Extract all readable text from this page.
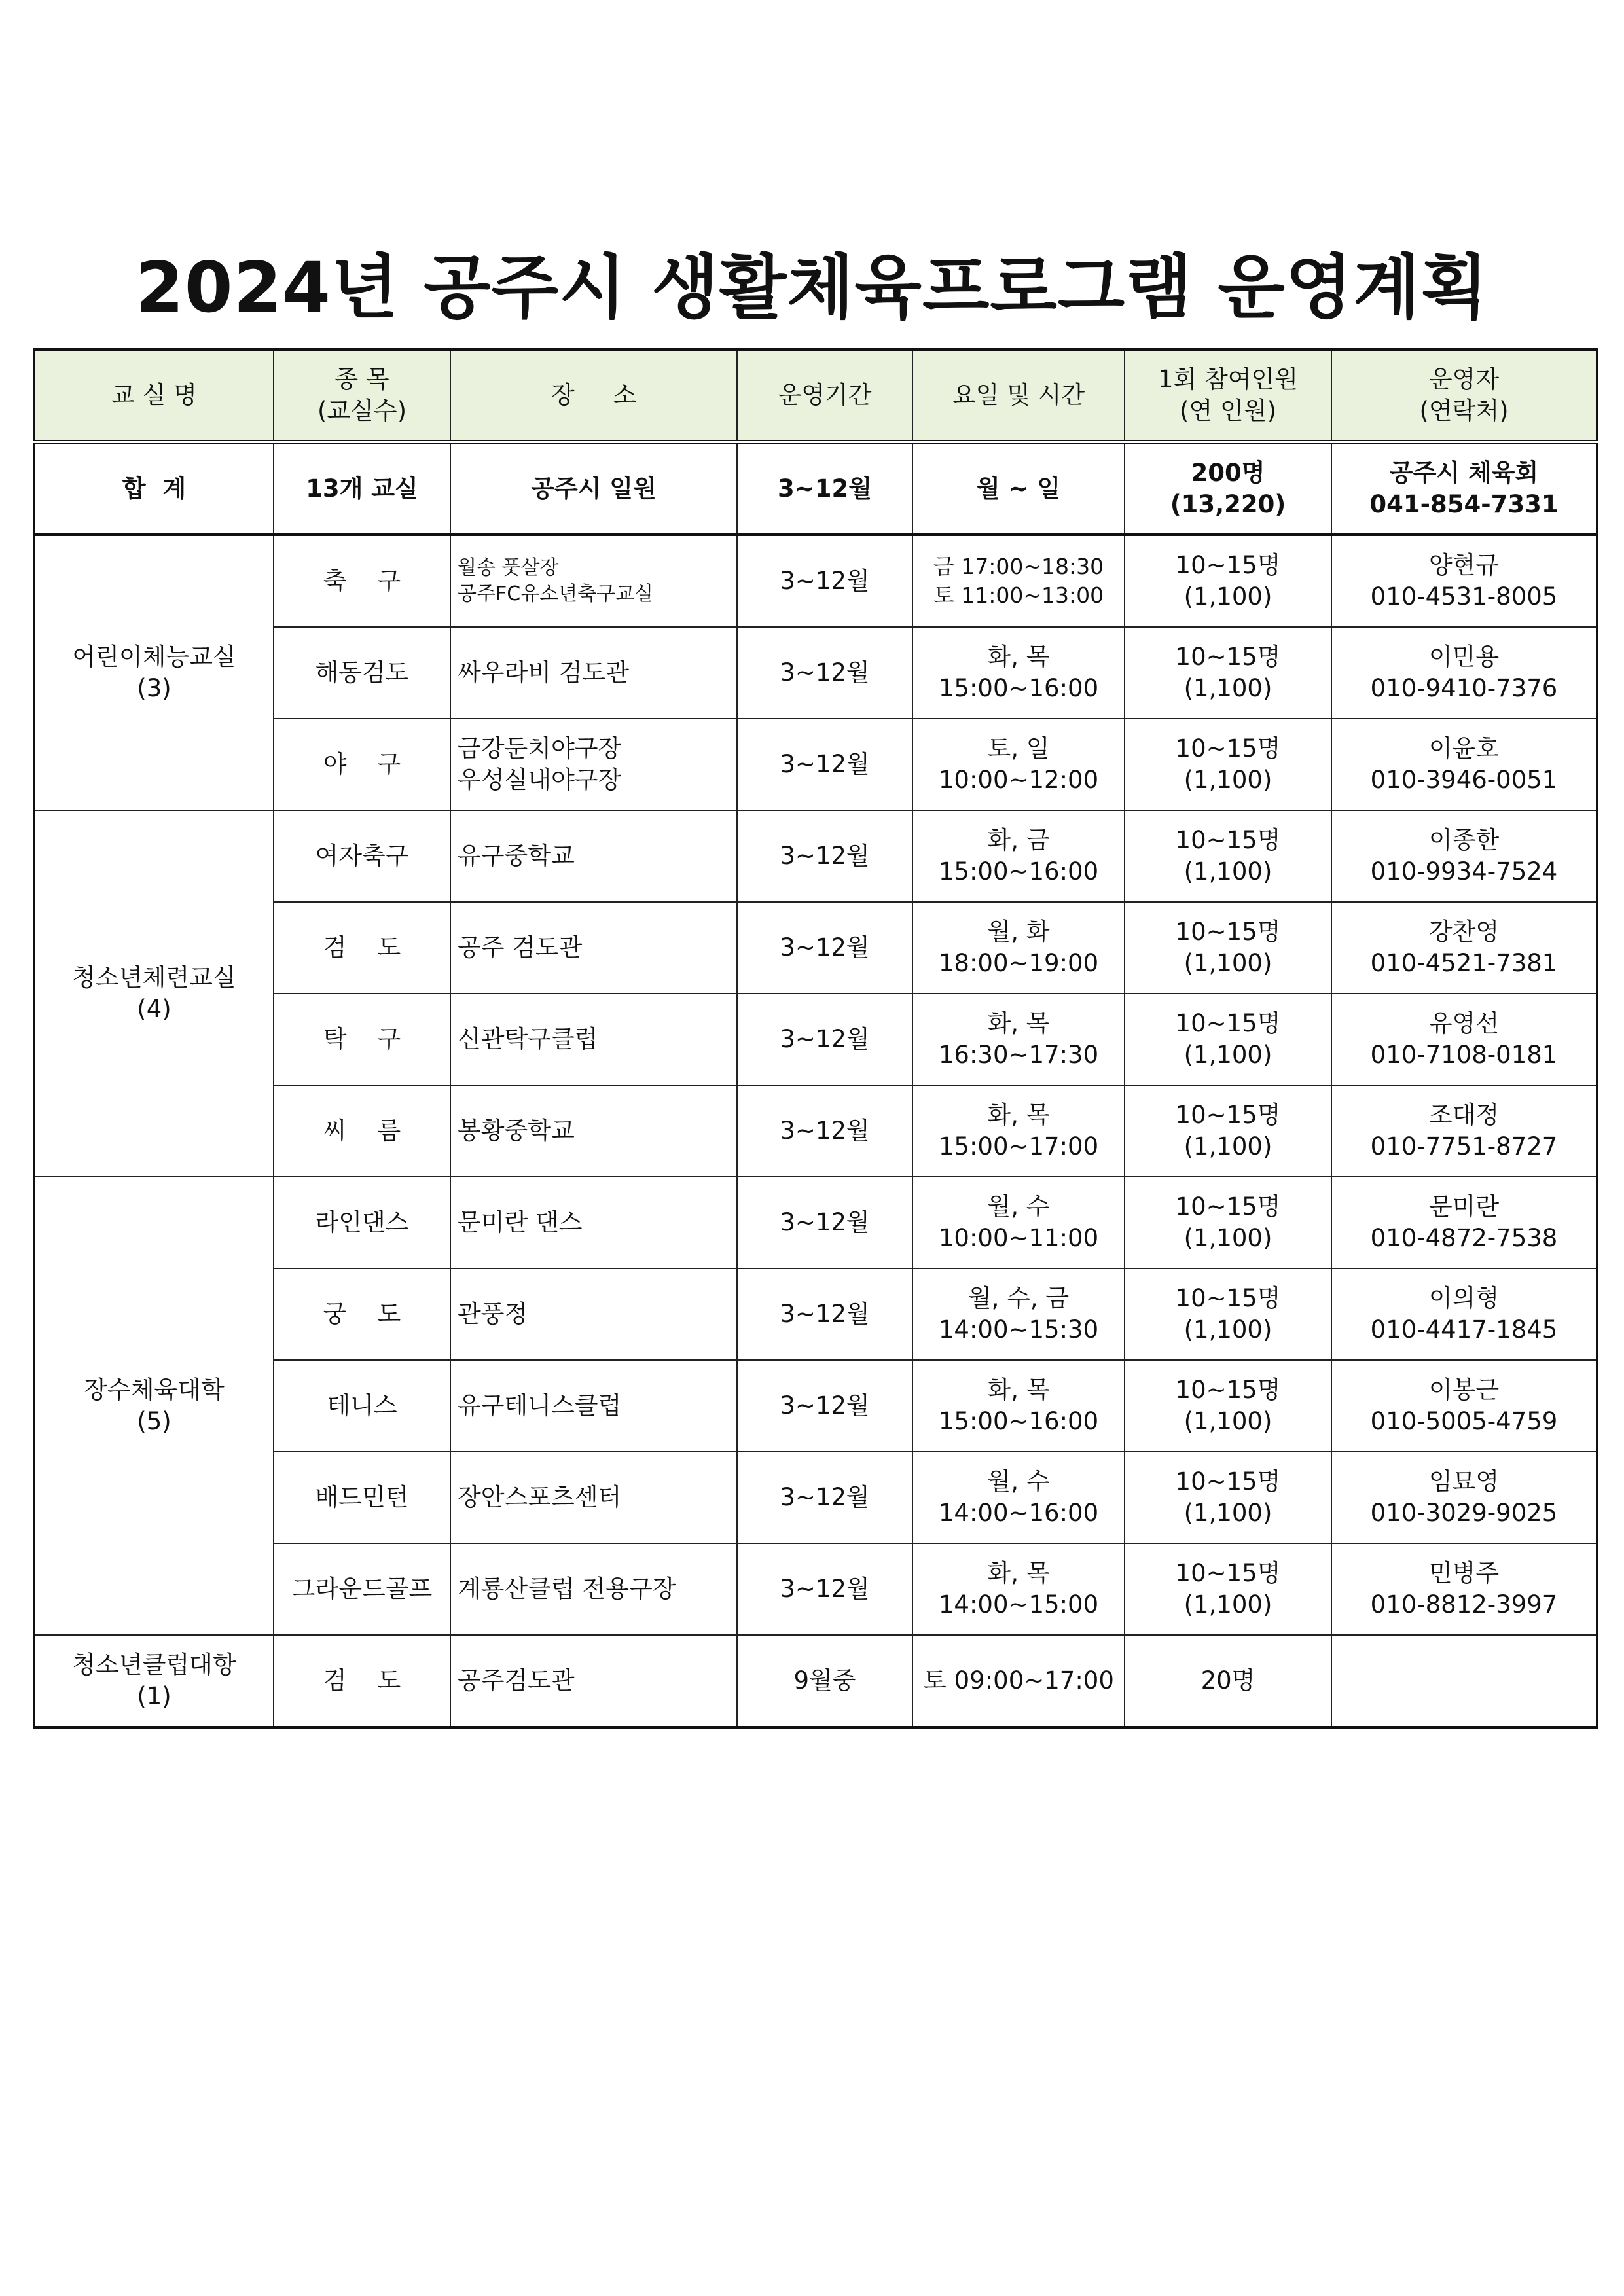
2024년 공주시 생활체육프로그램 운영계획
교 실 명	종 목
(교실수)	장     소	운영기간	요일 및 시간	1회 참여인원
(연 인원)	운영자
(연락처)

합  계	13개 교실	공주시 일원	3~12월	월 ~ 일	200명
(13,220)	공주시 체육회
041-854-7331

어린이체능교실
(3)	축    구	월송 풋살장
공주FC유소년축구교실	3~12월	금 17:00~18:30
토 11:00~13:00	10~15명
(1,100)	양현규
010-4531-8005

	해동검도	싸우라비 검도관	3~12월	화, 목
15:00~16:00	10~15명
(1,100)	이민용
010-9410-7376

	야    구	금강둔치야구장
우성실내야구장	3~12월	토, 일
10:00~12:00	10~15명
(1,100)	이윤호
010-3946-0051

청소년체련교실
(4)	여자축구	유구중학교	3~12월	화, 금
15:00~16:00	10~15명
(1,100)	이종한
010-9934-7524

	검    도	공주 검도관	3~12월	월, 화
18:00~19:00	10~15명
(1,100)	강찬영
010-4521-7381

	탁    구	신관탁구클럽	3~12월	화, 목
16:30~17:30	10~15명
(1,100)	유영선
010-7108-0181

	씨    름	봉황중학교	3~12월	화, 목
15:00~17:00	10~15명
(1,100)	조대정
010-7751-8727

장수체육대학
(5)	라인댄스	문미란 댄스	3~12월	월, 수
10:00~11:00	10~15명
(1,100)	문미란
010-4872-7538

	궁    도	관풍정	3~12월	월, 수, 금
14:00~15:30	10~15명
(1,100)	이의형
010-4417-1845

	테니스	유구테니스클럽	3~12월	화, 목
15:00~16:00	10~15명
(1,100)	이봉근
010-5005-4759

	배드민턴	장안스포츠센터	3~12월	월, 수
14:00~16:00	10~15명
(1,100)	임묘영
010-3029-9025

	그라운드골프	계룡산클럽 전용구장	3~12월	화, 목
14:00~15:00	10~15명
(1,100)	민병주
010-8812-3997

청소년클럽대항
(1)	검    도	공주검도관	9월중	토 09:00~17:00	20명	
